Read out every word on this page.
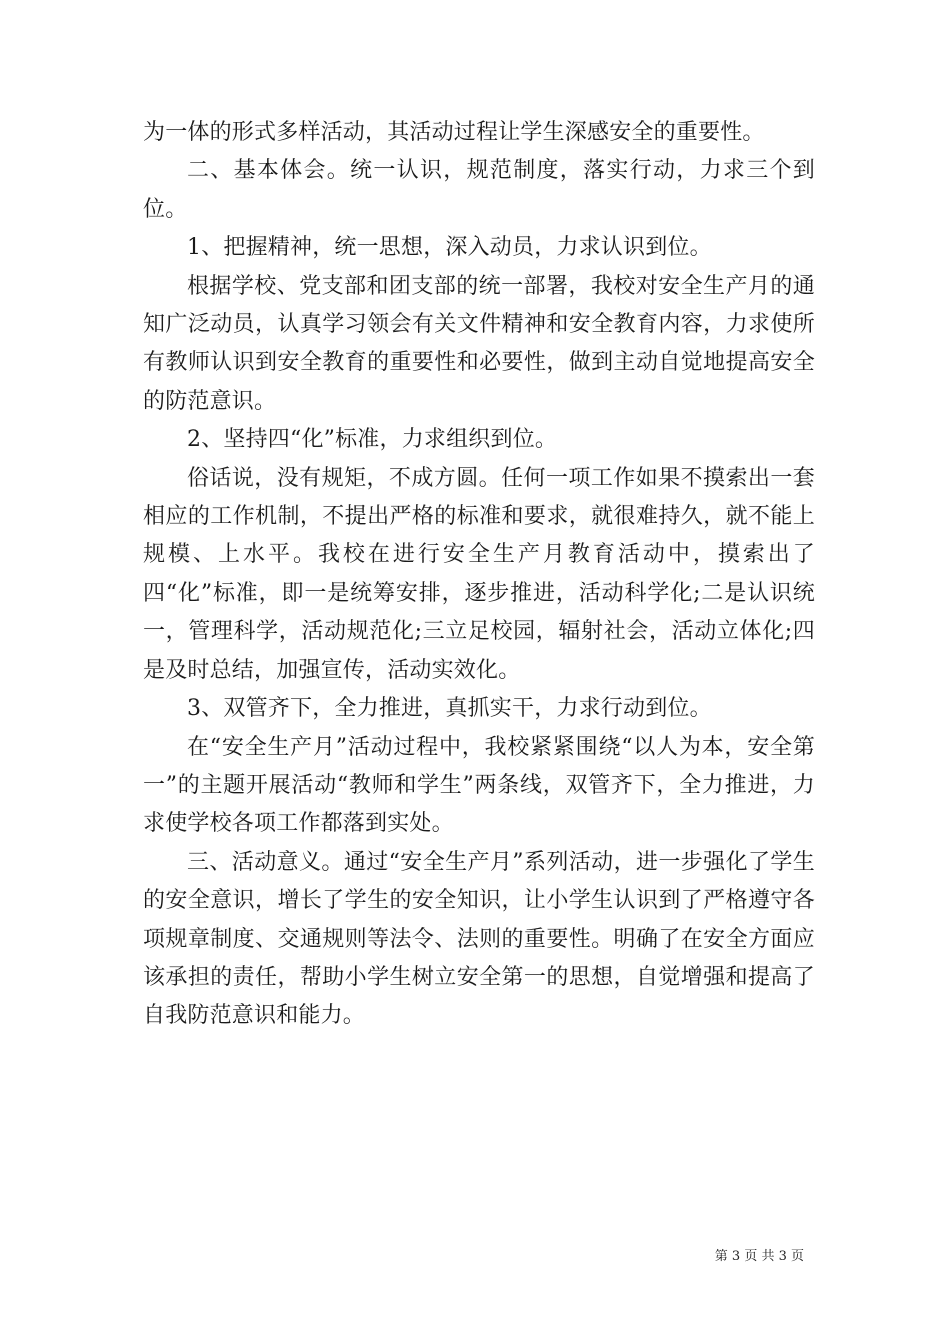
为一体的形式多样活动，其活动过程让学生深感安全的重要性。

二、基本体会。统一认识，规范制度，落实行动，力求三个到位。

1、把握精神，统一思想，深入动员，力求认识到位。

根据学校、党支部和团支部的统一部署，我校对安全生产月的通知广泛动员，认真学习领会有关文件精神和安全教育内容，力求使所有教师认识到安全教育的重要性和必要性，做到主动自觉地提高安全的防范意识。

2、坚持四“化”标准，力求组织到位。

俗话说，没有规矩，不成方圆。任何一项工作如果不摸索出一套相应的工作机制，不提出严格的标准和要求，就很难持久，就不能上规模、上水平。我校在进行安全生产月教育活动中，摸索出了四“化”标准，即一是统筹安排，逐步推进，活动科学化;二是认识统一，管理科学，活动规范化;三立足校园，辐射社会，活动立体化;四是及时总结，加强宣传，活动实效化。

3、双管齐下，全力推进，真抓实干，力求行动到位。

在“安全生产月”活动过程中，我校紧紧围绕“以人为本，安全第一”的主题开展活动“教师和学生”两条线，双管齐下，全力推进，力求使学校各项工作都落到实处。

三、活动意义。通过“安全生产月”系列活动，进一步强化了学生的安全意识，增长了学生的安全知识，让小学生认识到了严格遵守各项规章制度、交通规则等法令、法则的重要性。明确了在安全方面应该承担的责任，帮助小学生树立安全第一的思想，自觉增强和提高了自我防范意识和能力。

第 3 页 共 3 页
